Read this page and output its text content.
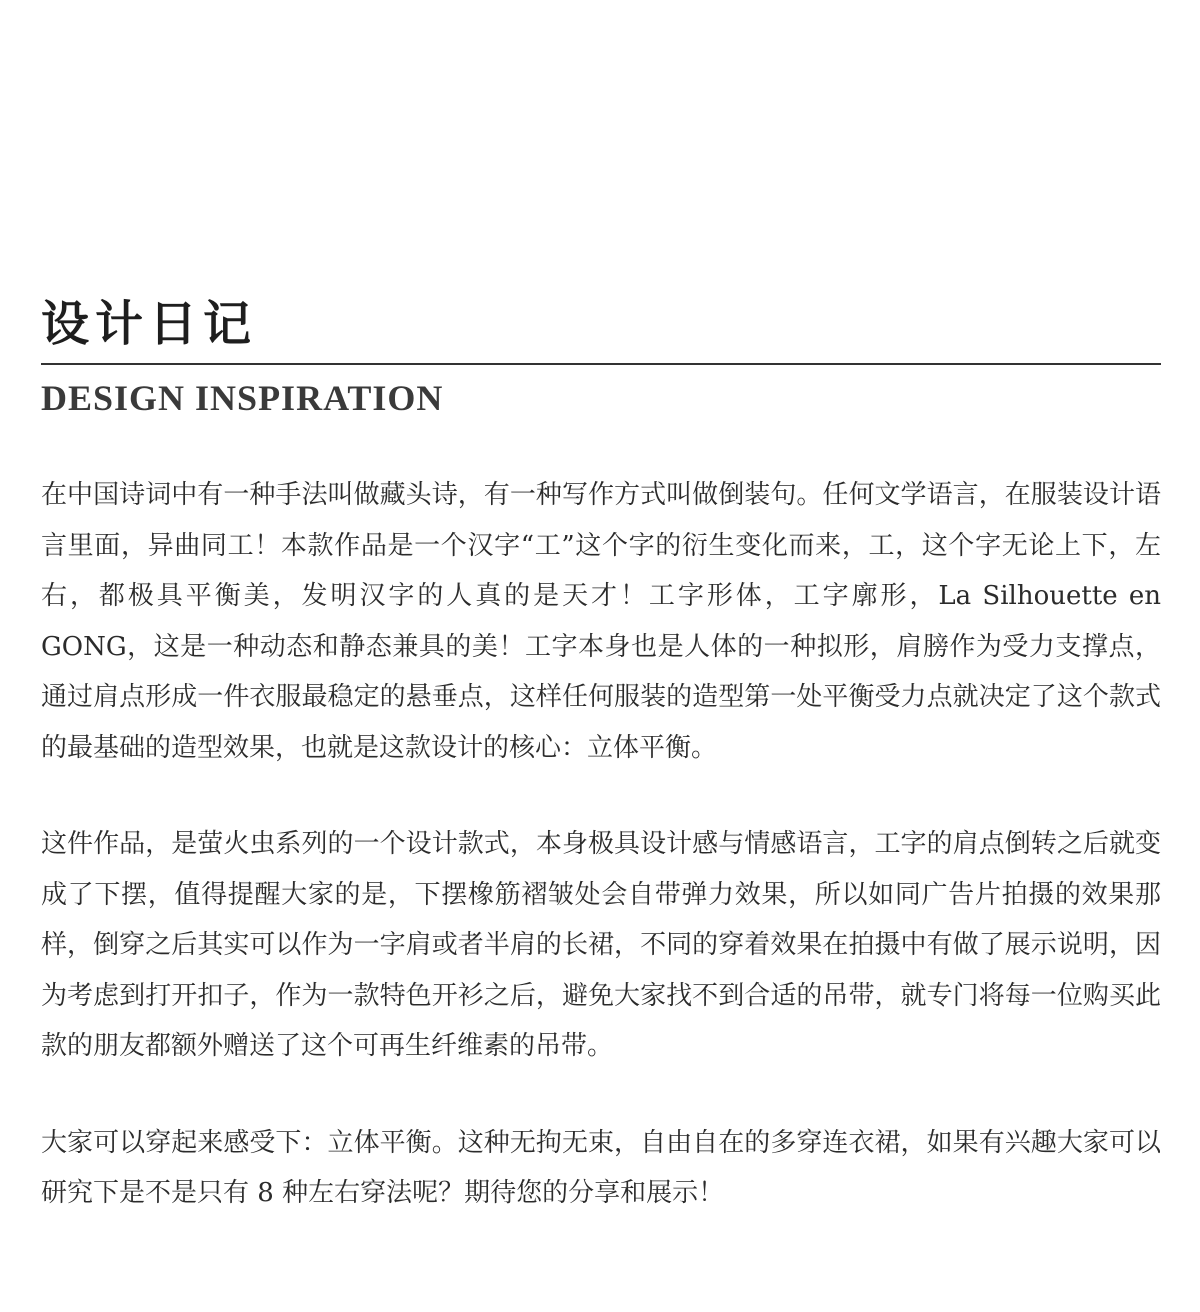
设计日记
DESIGN INSPIRATION

在中国诗词中有一种手法叫做藏头诗，有一种写作方式叫做倒装句。任何文学语言，在服装设计语言里面，异曲同工！本款作品是一个汉字“工”这个字的衍生变化而来，工，这个字无论上下，左右，都极具平衡美，发明汉字的人真的是天才！工字形体，工字廓形，La Silhouette en GONG，这是一种动态和静态兼具的美！工字本身也是人体的一种拟形，肩膀作为受力支撑点，通过肩点形成一件衣服最稳定的悬垂点，这样任何服装的造型第一处平衡受力点就决定了这个款式的最基础的造型效果，也就是这款设计的核心：立体平衡。

这件作品，是萤火虫系列的一个设计款式，本身极具设计感与情感语言，工字的肩点倒转之后就变成了下摆，值得提醒大家的是，下摆橡筋褶皱处会自带弹力效果，所以如同广告片拍摄的效果那样，倒穿之后其实可以作为一字肩或者半肩的长裙，不同的穿着效果在拍摄中有做了展示说明，因为考虑到打开扣子，作为一款特色开衫之后，避免大家找不到合适的吊带，就专门将每一位购买此款的朋友都额外赠送了这个可再生纤维素的吊带。

大家可以穿起来感受下：立体平衡。这种无拘无束，自由自在的多穿连衣裙，如果有兴趣大家可以研究下是不是只有 8 种左右穿法呢？期待您的分享和展示！
